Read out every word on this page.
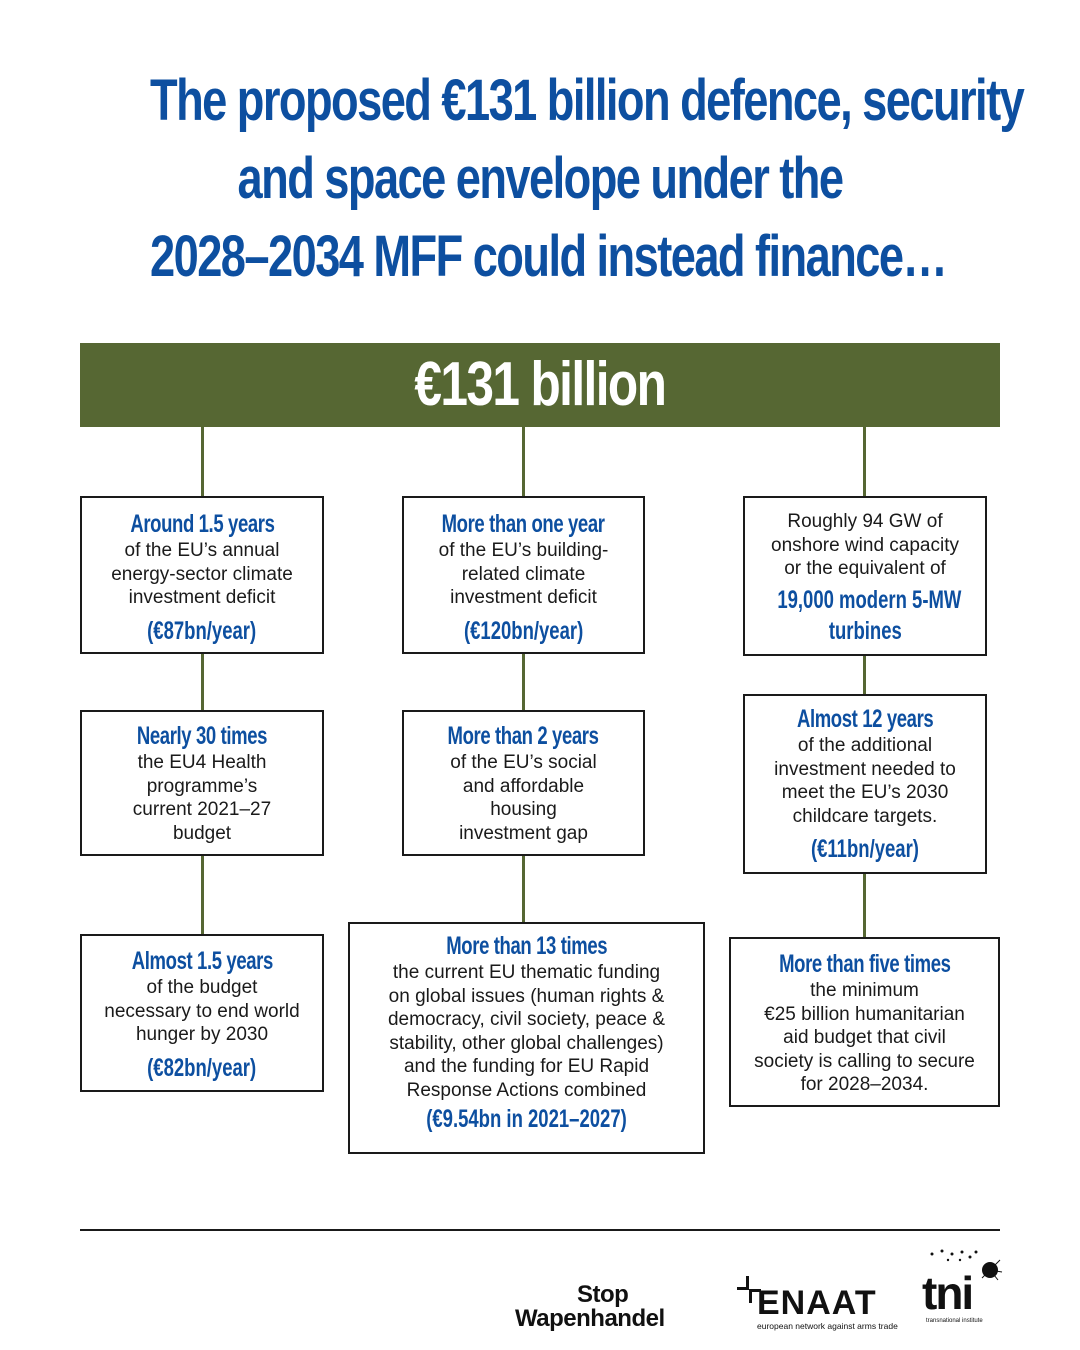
The proposed €131 billion defence, security
and space envelope under the
2028–2034 MFF could instead finance…
€131 billion
Around 1.5 years
of the EU’s annual
energy-sector climate
investment deficit
(€87bn/year)
Nearly 30 times
the EU4 Health
programme’s
current 2021–27
budget
Almost 1.5 years
of the budget
necessary to end world
hunger by 2030
(€82bn/year)
More than one year
of the EU’s building-
related climate
investment deficit
(€120bn/year)
More than 2 years
of the EU’s social
and affordable
housing
investment gap
More than 13 times
the current EU thematic funding
on global issues (human rights &
democracy, civil society, peace &
stability, other global challenges)
and the funding for EU Rapid
Response Actions combined
(€9.54bn in 2021–2027)
Roughly 94 GW of
onshore wind capacity
or the equivalent of
19,000 modern 5-MW
turbines
Almost 12 years
of the additional
investment needed to
meet the EU’s 2030
childcare targets.
(€11bn/year)
More than five times
the minimum
€25 billion humanitarian
aid budget that civil
society is calling to secure
for 2028–2034.
Stop
Wapenhandel	ENAAT
european network against arms trade
tni
transnational institute
